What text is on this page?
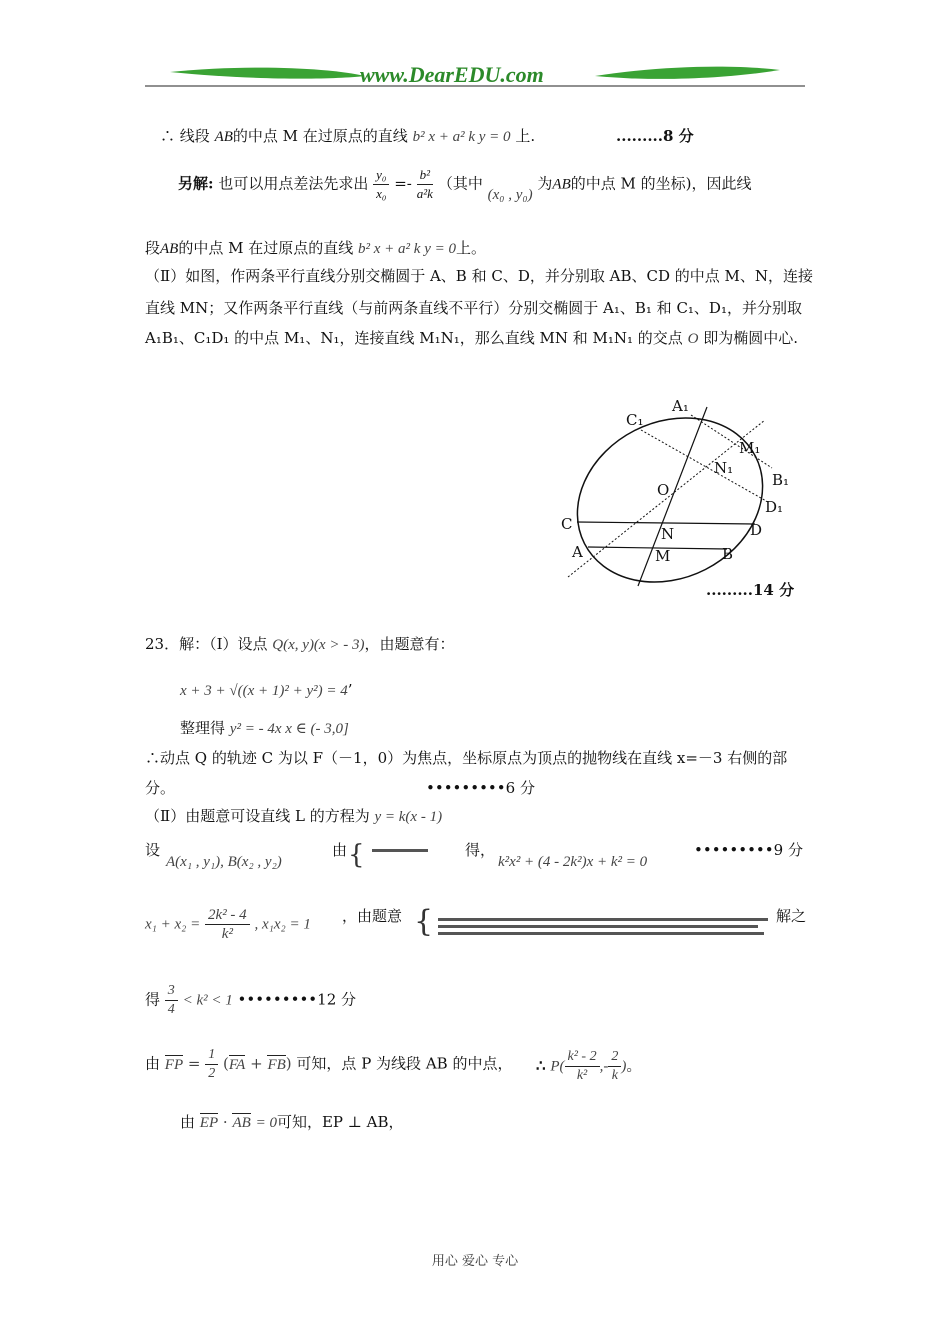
www.DearEDU.com
∴ 线段 AB的中点 M 在过原点的直线 b² x + a² k y = 0 上.	.........8 分
另解: 也可以用点差法先求出 $\frac{\text{y₀}}{\text{x₀}} =- \frac{\text{b²}}{\text{a²k}}$ （其中 (x₀ , y₀) 为AB的中点 M 的坐标)，因此线
段AB的中点 M 在过原点的直线 b² x + a² k y = 0上。
（Ⅱ）如图，作两条平行直线分别交椭圆于 A、B 和 C、D，并分别取 AB、CD 的中点 M、N，连接
直线 MN；又作两条平行直线（与前两条直线不平行）分别交椭圆于 A₁、B₁ 和 C₁、D₁，并分别取
A₁B₁、C₁D₁ 的中点 M₁、N₁，连接直线 M₁N₁，那么直线 MN 和 M₁N₁ 的交点 O 即为椭圆中心.
A₁
C₁
M₁
N₁
B₁
O
D₁
C	D
N
A	M	B
.........14 分
23．解：（I）设点 Q(x, y)(x > - 3)，由题意有：
x + 3 + √((x + 1)² + y²) = 4’
整理得 y² = - 4x x ∈ (- 3,0]
∴动点 Q 的轨迹 C 为以 F（－1，0）为焦点，坐标原点为顶点的抛物线在直线 x=－3 右侧的部
分。	•••••••••6 分
（Ⅱ）由题意可设直线 L 的方程为 y = k(x - 1)
设
A(x₁ , y₁), B(x₂ , y₂)
由 {	得，
k²x² + (4 - 2k²)x + k² = 0
•••••••••9 分
$x_1 + x_2 = \frac{\text{2k² - 4}}{\text{k²}}$ , x₁x₂ = 1 ，由题意 {	解之
得 $\frac{3}{4} < k^2 < 1$ •••••••••12 分
由 FP = $\frac{1}{2} (FA + FB)$ 可知，点 P 为线段 AB 的中点， ∴ $P( \frac{\text{k² - 2}}{\text{k²}}$ ,- $\frac{2}{k}$ )。
由 EP · AB = 0可知，EP ⊥ AB，
用心 爱心 专心
